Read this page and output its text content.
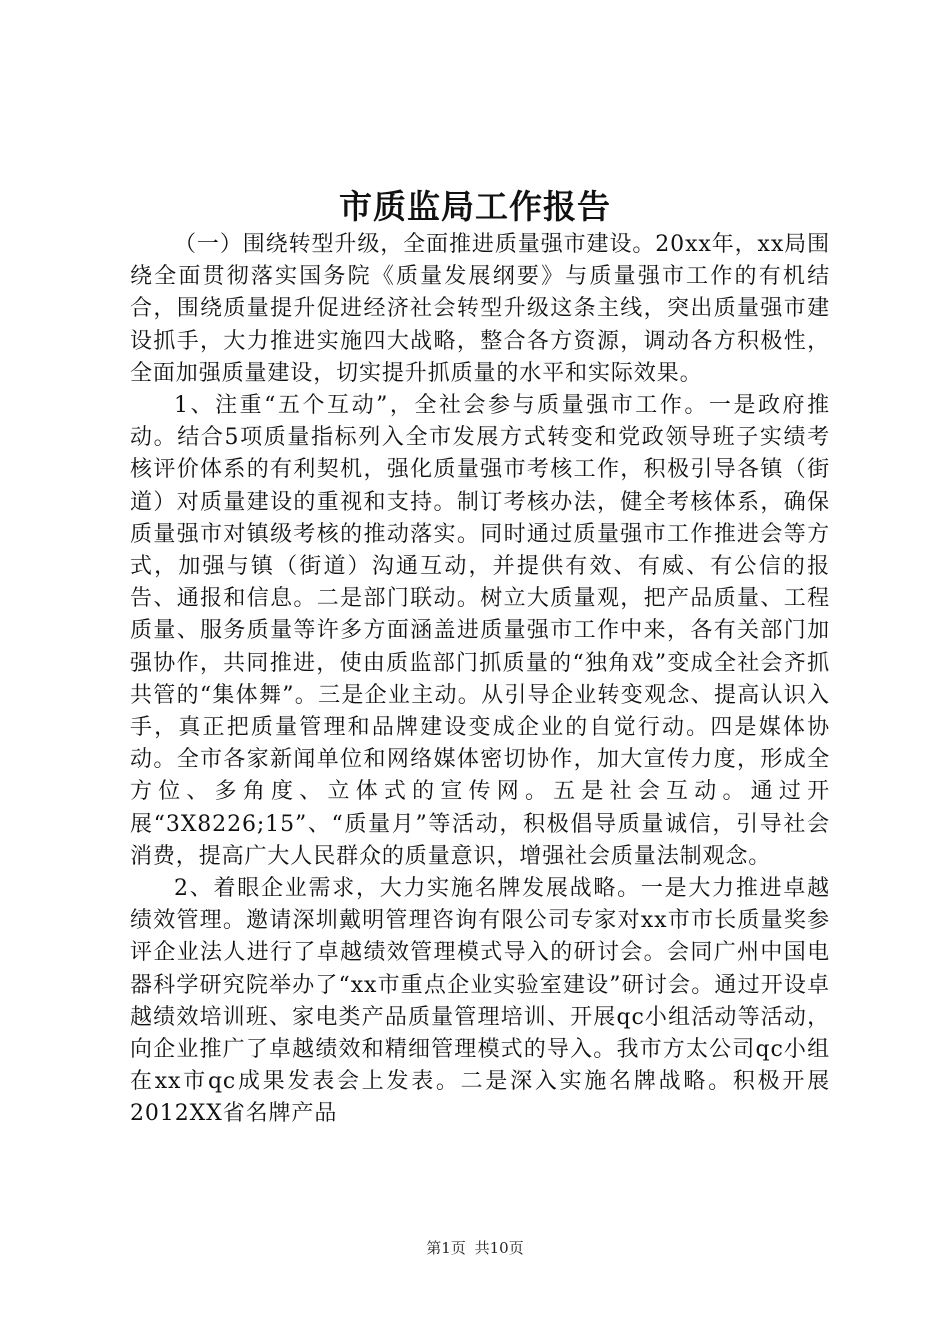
市质监局工作报告

（一）围绕转型升级，全面推进质量强市建设。20xx年，xx局围绕全面贯彻落实国务院《质量发展纲要》与质量强市工作的有机结合，围绕质量提升促进经济社会转型升级这条主线，突出质量强市建设抓手，大力推进实施四大战略，整合各方资源，调动各方积极性，全面加强质量建设，切实提升抓质量的水平和实际效果。

1、注重“五个互动”，全社会参与质量强市工作。一是政府推动。结合5项质量指标列入全市发展方式转变和党政领导班子实绩考核评价体系的有利契机，强化质量强市考核工作，积极引导各镇（街道）对质量建设的重视和支持。制订考核办法，健全考核体系，确保质量强市对镇级考核的推动落实。同时通过质量强市工作推进会等方式，加强与镇（街道）沟通互动，并提供有效、有威、有公信的报告、通报和信息。二是部门联动。树立大质量观，把产品质量、工程质量、服务质量等许多方面涵盖进质量强市工作中来，各有关部门加强协作，共同推进，使由质监部门抓质量的“独角戏”变成全社会齐抓共管的“集体舞”。三是企业主动。从引导企业转变观念、提高认识入手，真正把质量管理和品牌建设变成企业的自觉行动。四是媒体协动。全市各家新闻单位和网络媒体密切协作，加大宣传力度，形成全方位、多角度、立体式的宣传网。五是社会互动。通过开展“3X8226;15”、“质量月”等活动，积极倡导质量诚信，引导社会消费，提高广大人民群众的质量意识，增强社会质量法制观念。

2、着眼企业需求，大力实施名牌发展战略。一是大力推进卓越绩效管理。邀请深圳戴明管理咨询有限公司专家对xx市市长质量奖参评企业法人进行了卓越绩效管理模式导入的研讨会。会同广州中国电器科学研究院举办了“xx市重点企业实验室建设”研讨会。通过开设卓越绩效培训班、家电类产品质量管理培训、开展qc小组活动等活动，向企业推广了卓越绩效和精细管理模式的导入。我市方太公司qc小组在xx市qc成果发表会上发表。二是深入实施名牌战略。积极开展2012XX省名牌产品

第1页 共10页
